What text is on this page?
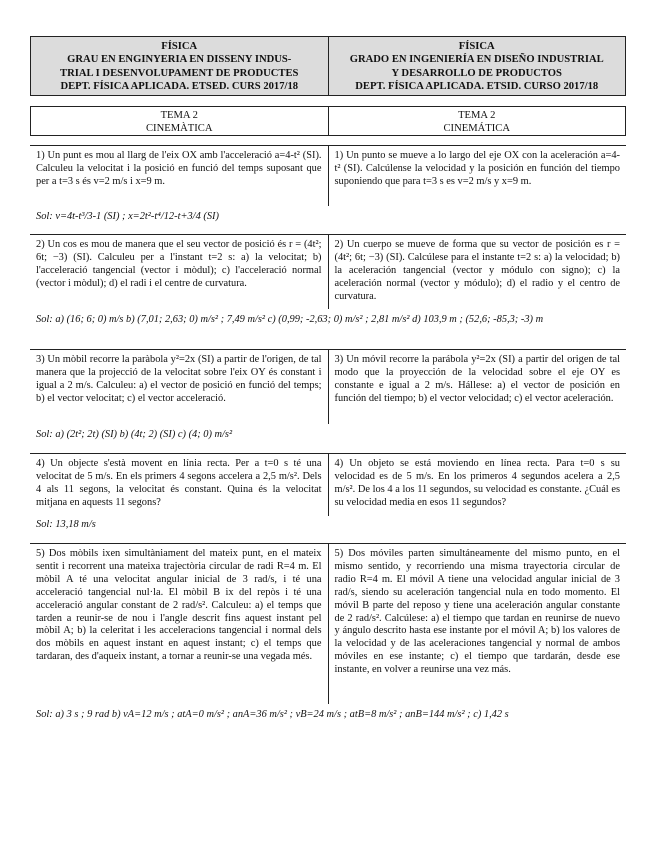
FÍSICA
GRAU EN ENGINYERIA EN DISSENY INDUS-
TRIAL I DESENVOLUPAMENT DE PRODUCTES
DEPT. FÍSICA APLICADA. ETSED. CURS 2017/18
FÍSICA
GRADO EN INGENIERÍA EN DISEÑO INDUSTRIAL
Y DESARROLLO DE PRODUCTOS
DEPT. FÍSICA APLICADA. ETSID. CURSO 2017/18
TEMA 2
CINEMÀTICA
TEMA 2
CINEMÁTICA
1) Un punt es mou al llarg de l'eix OX amb l'acceleració a=4-t² (SI). Calculeu la velocitat i la posició en funció del temps suposant que per a t=3 s és v=2 m/s i x=9 m.
1) Un punto se mueve a lo largo del eje OX con la aceleración a=4-t² (SI). Calcúlense la velocidad y la posición en función del tiempo suponiendo que para t=3 s es v=2 m/s y x=9 m.
Sol: v=4t-t³/3-1 (SI) ; x=2t²-t⁴/12-t+3/4 (SI)
2) Un cos es mou de manera que el seu vector de posició és r = (4t²; 6t; −3) (SI). Calculeu per a l'instant t=2 s: a) la velocitat; b) l'acceleració tangencial (vector i mòdul); c) l'acceleració normal (vector i mòdul); d) el radi i el centre de curvatura.
2) Un cuerpo se mueve de forma que su vector de posición es r = (4t²; 6t; −3) (SI). Calcúlese para el instante t=2 s: a) la velocidad; b) la aceleración tangencial (vector y módulo con signo); c) la aceleración normal (vector y módulo); d) el radio y el centro de curvatura.
Sol: a) (16; 6; 0) m/s b) (7,01; 2,63; 0) m/s² ; 7,49 m/s² c) (0,99; -2,63; 0) m/s² ; 2,81 m/s² d) 103,9 m ; (52,6; -85,3; -3) m
3) Un mòbil recorre la paràbola y²=2x (SI) a partir de l'origen, de tal manera que la projecció de la velocitat sobre l'eix OY és constant i igual a 2 m/s. Calculeu: a) el vector de posició en funció del temps; b) el vector velocitat; c) el vector acceleració.
3) Un móvil recorre la parábola y²=2x (SI) a partir del origen de tal modo que la proyección de la velocidad sobre el eje OY es constante e igual a 2 m/s. Hállese: a) el vector de posición en función del tiempo; b) el vector velocidad; c) el vector aceleración.
Sol: a) (2t²; 2t) (SI) b) (4t; 2) (SI) c) (4; 0) m/s²
4) Un objecte s'està movent en línia recta. Per a t=0 s té una velocitat de 5 m/s. En els primers 4 segons accelera a 2,5 m/s². Dels 4 als 11 segons, la velocitat és constant. Quina és la velocitat mitjana en aquests 11 segons?
4) Un objeto se está moviendo en línea recta. Para t=0 s su velocidad es de 5 m/s. En los primeros 4 segundos acelera a 2,5 m/s². De los 4 a los 11 segundos, su velocidad es constante. ¿Cuál es su velocidad media en esos 11 segundos?
Sol: 13,18 m/s
5) Dos mòbils ixen simultàniament del mateix punt, en el mateix sentit i recorrent una mateixa trajectòria circular de radi R=4 m. El mòbil A té una velocitat angular inicial de 3 rad/s, i té una acceleració tangencial nul·la. El mòbil B ix del repòs i té una acceleració angular constant de 2 rad/s². Calculeu: a) el temps que tarden a reunir-se de nou i l'angle descrit fins aquest instant pel mòbil A; b) la celeritat i les acceleracions tangencial i normal dels dos mòbils en aquest instant en aquest instant; c) el temps que tardaran, des d'aqueix instant, a tornar a reunir-se una vegada més.
5) Dos móviles parten simultáneamente del mismo punto, en el mismo sentido, y recorriendo una misma trayectoria circular de radio R=4 m. El móvil A tiene una velocidad angular inicial de 3 rad/s, siendo su aceleración tangencial nula en todo momento. El móvil B parte del reposo y tiene una aceleración angular constante de 2 rad/s². Calcúlese: a) el tiempo que tardan en reunirse de nuevo y ángulo descrito hasta ese instante por el móvil A; b) los valores de la velocidad y de las aceleraciones tangencial y normal de ambos móviles en ese instante; c) el tiempo que tardarán, desde ese instante, en volver a reunirse una vez más.
Sol: a) 3 s ; 9 rad b) vA=12 m/s ; atA=0 m/s² ; anA=36 m/s² ; vB=24 m/s ; atB=8 m/s² ; anB=144 m/s² ; c) 1,42 s
